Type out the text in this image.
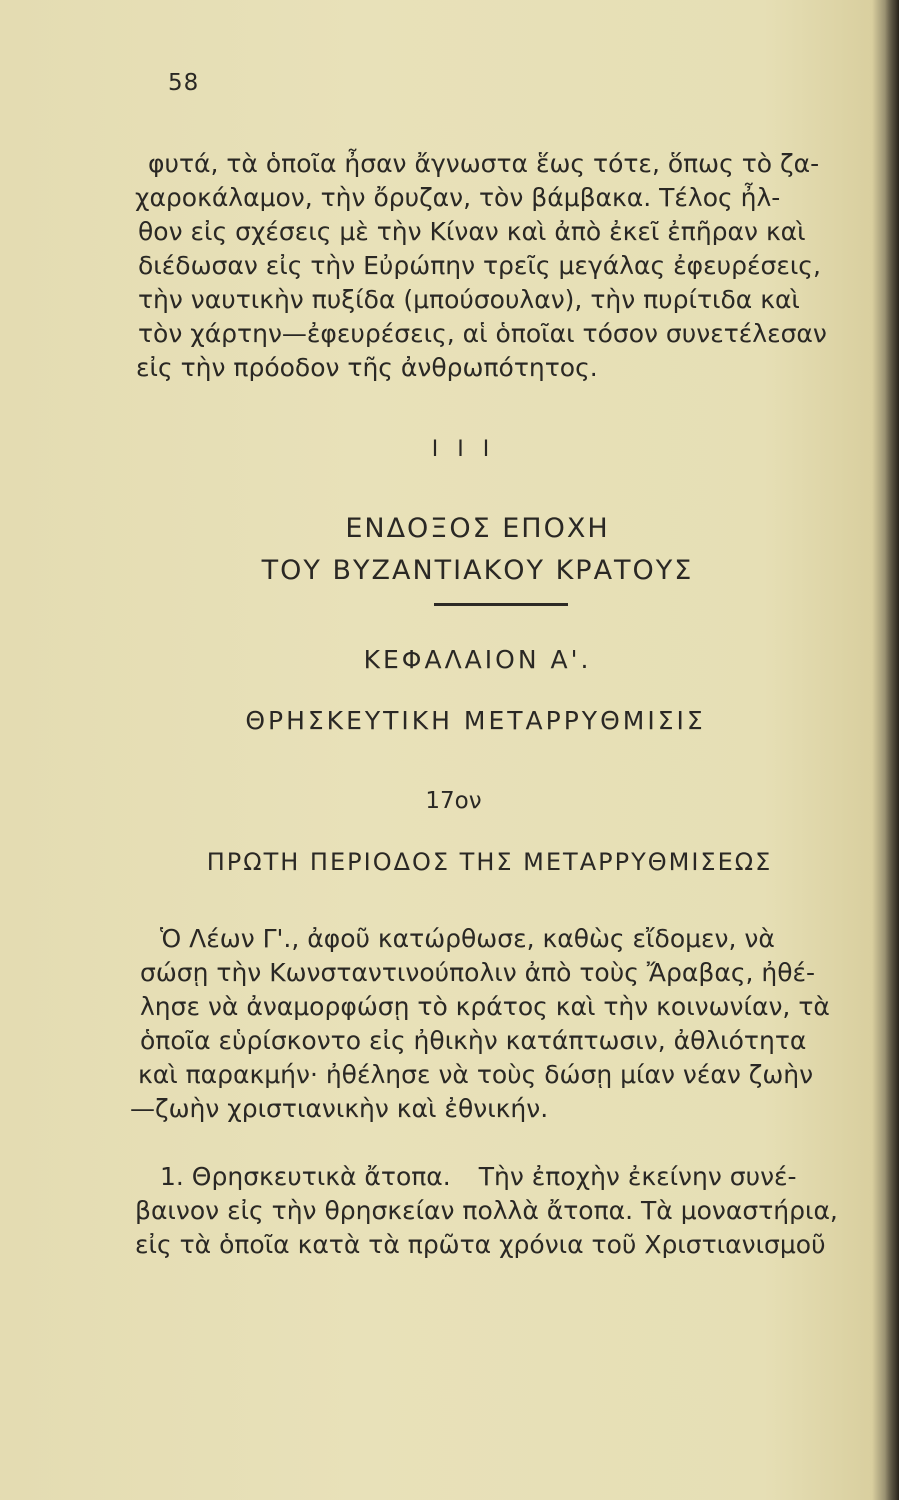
58
φυτά, τὰ ὁποῖα ἦσαν ἄγνωστα ἕως τότε, ὅπως τὸ ζα-
χαροκάλαμον, τὴν ὄρυζαν, τὸν βάμβακα. Τέλος ἦλ-
θον εἰς σχέσεις μὲ τὴν Κίναν καὶ ἀπὸ ἐκεῖ ἐπῆραν καὶ
διέδωσαν εἰς τὴν Εὐρώπην τρεῖς μεγάλας ἐφευρέσεις,
τὴν ναυτικὴν πυξίδα (μπούσουλαν), τὴν πυρίτιδα καὶ
τὸν χάρτην—ἐφευρέσεις, αἱ ὁποῖαι τόσον συνετέλεσαν
εἰς τὴν πρόοδον τῆς ἀνθρωπότητος.
I I I
ΕΝΔΟΞΟΣ ΕΠΟΧΗ
ΤΟΥ ΒΥΖΑΝΤΙΑΚΟΥ ΚΡΑΤΟΥΣ
ΚΕΦΑΛΑΙΟΝ Α'.
ΘΡΗΣΚΕΥΤΙΚΗ ΜΕΤΑΡΡΥΘΜΙΣΙΣ
17ον
ΠΡΩΤΗ ΠΕΡΙΟΔΟΣ ΤΗΣ ΜΕΤΑΡΡΥΘΜΙΣΕΩΣ
Ὁ Λέων Γ'., ἀφοῦ κατώρθωσε, καθὼς εἴδομεν, νὰ
σώσῃ τὴν Κωνσταντινούπολιν ἀπὸ τοὺς Ἄραβας, ἠθέ-
λησε νὰ ἀναμορφώσῃ τὸ κράτος καὶ τὴν κοινωνίαν, τὰ
ὁποῖα εὑρίσκοντο εἰς ἠθικὴν κατάπτωσιν, ἀθλιότητα
καὶ παρακμήν· ἠθέλησε νὰ τοὺς δώσῃ μίαν νέαν ζωὴν
—ζωὴν χριστιανικὴν καὶ ἐθνικήν.
1. Θρησκευτικὰ ἄτοπα. Τὴν ἐποχὴν ἐκείνην συνέ-
βαινον εἰς τὴν θρησκείαν πολλὰ ἄτοπα. Τὰ μοναστήρια,
εἰς τὰ ὁποῖα κατὰ τὰ πρῶτα χρόνια τοῦ Χριστιανισμοῦ
